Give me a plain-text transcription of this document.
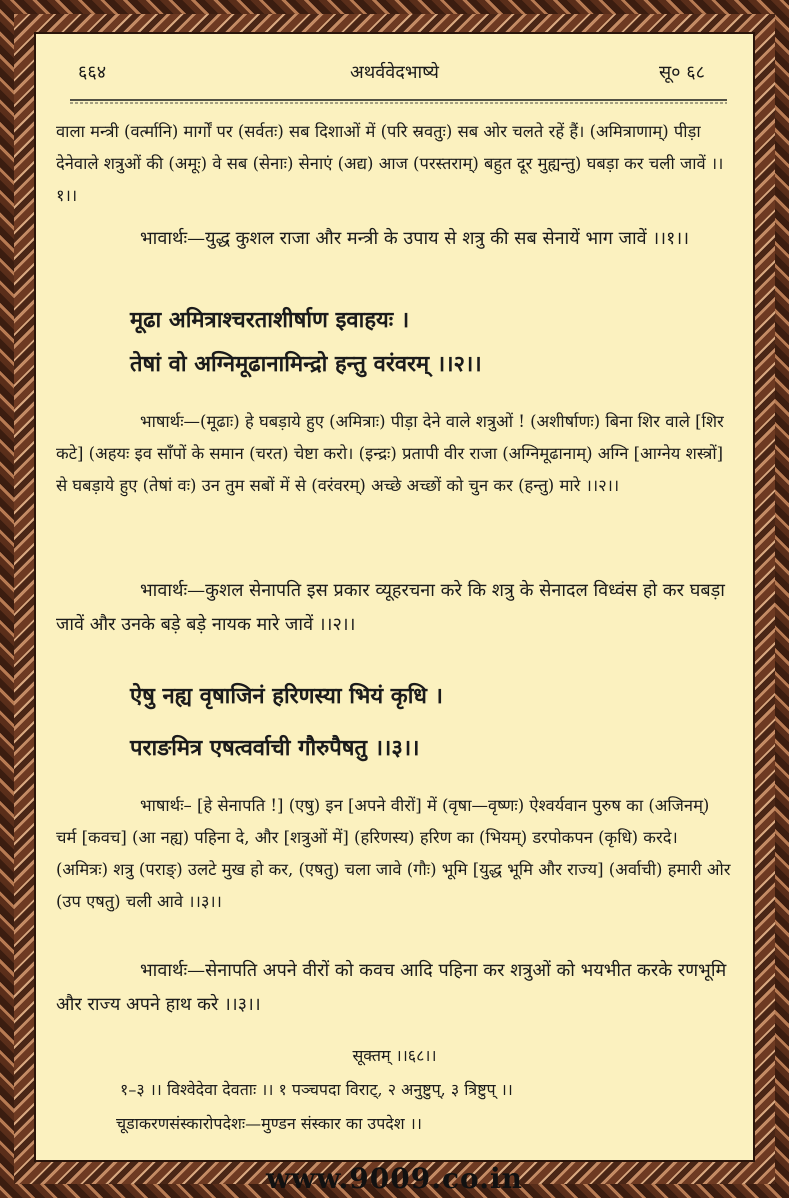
६६४	अथर्ववेदभाष्ये	सू० ६८
वाला मन्त्री (वर्त्मानि) मार्गों पर (सर्वतः) सब दिशाओं में (परि स्रवतुः) सब ओर चलते रहें हैं। (अमित्राणाम्) पीड़ा देनेवाले शत्रुओं की (अमूः) वे सब (सेनाः) सेनाएं (अद्य) आज (परस्तराम्) बहुत दूर मुह्यन्तु) घबड़ा कर चली जावें ।।१।।
भावार्थः—युद्ध कुशल राजा और मन्त्री के उपाय से शत्रु की सब सेनायें भाग जावें ।।१।।
मूढा अमित्राश्चरताशीर्षाण इवाहयः ।
तेषां वो अग्निमूढानामिन्द्रो हन्तु वरंवरम् ।।२।।
भाषार्थः—(मूढाः) हे घबड़ाये हुए (अमित्राः) पीड़ा देने वाले शत्रुओं ! (अशीर्षाणः) बिना शिर वाले [शिर कटे] (अहयः इव साँपों के समान (चरत) चेष्टा करो। (इन्द्रः) प्रतापी वीर राजा (अग्निमूढानाम्) अग्नि [आग्नेय शस्त्रों] से घबड़ाये हुए (तेषां वः) उन तुम सबों में से (वरंवरम्) अच्छे अच्छों को चुन कर (हन्तु) मारे ।।२।।
भावार्थः—कुशल सेनापति इस प्रकार व्यूहरचना करे कि शत्रु के सेनादल विध्वंस हो कर घबड़ा जावें और उनके बड़े बड़े नायक मारे जावें ।।२।।
ऐषु नह्य वृषाजिनं हरिणस्या भियं कृधि ।
पराङमित्र एषत्वर्वाची गौरुपैषतु ।।३।।
भाषार्थः– [हे सेनापति !] (एषु) इन [अपने वीरों] में (वृषा—वृष्णः) ऐश्वर्यवान पुरुष का (अजिनम्) चर्म [कवच] (आ नह्य) पहिना दे, और [शत्रुओं में] (हरिणस्य) हरिण का (भियम्) डरपोकपन (कृधि) करदे। (अमित्रः) शत्रु (पराङ्) उलटे मुख हो कर, (एषतु) चला जावे (गौः) भूमि [युद्ध भूमि और राज्य] (अर्वाची) हमारी ओर (उप एषतु) चली आवे ।।३।।
भावार्थः—सेनापति अपने वीरों को कवच आदि पहिना कर शत्रुओं को भयभीत करके रणभूमि और राज्य अपने हाथ करे ।।३।।
सूक्तम् ।।६८।।
१–३ ।। विश्वेदेवा देवताः ।। १ पञ्चपदा विराट्, २ अनुष्टुप्, ३ त्रिष्टुप् ।।
चूडाकरणसंस्कारोपदेशः—मुण्डन संस्कार का उपदेश ।।
www.9009.co.in
